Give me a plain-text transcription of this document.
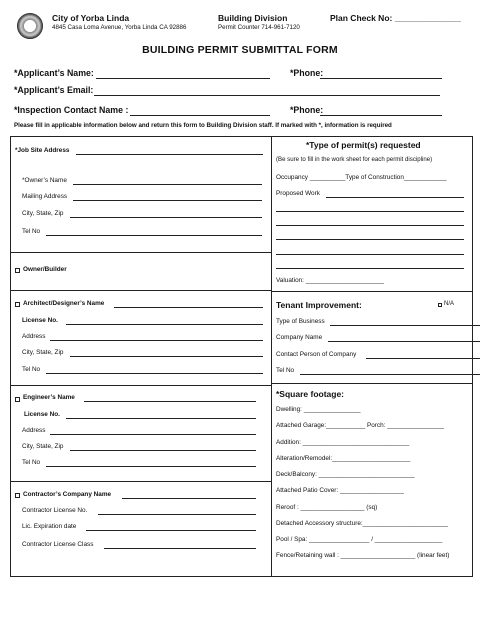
City of Yorba Linda
4845 Casa Loma Avenue, Yorba Linda CA 92886
Building Division
Permit Counter 714-961-7120
Plan Check No: ______________
BUILDING PERMIT SUBMITTAL FORM
*Applicant’s Name:	*Phone:
*Applicant’s Email:
*Inspection Contact Name :	*Phone:
Please fill in applicable information below and return this form to Building Division staff. If marked with *, information is required
*Job Site Address
*Owner’s Name
Mailing Address
City, State, Zip
Tel No
Owner/Builder
Architect/Designer’s Name
License No.
Address
City, State, Zip
Tel No
Engineer’s Name
License No.
Address
City, State, Zip
Tel No
Contractor’s Company Name
Contractor License No.
Lic. Expiration date
Contractor License Class
*Type of permit(s) requested
(Be sure to fill in the work sheet for each permit discipline)
Occupancy __________Type of Construction____________
Proposed Work
Valuation: ______________________
Tenant Improvement:	N/A
Type of Business
Company Name
Contact Person of Company
Tel No
*Square footage:
Dwelling: ________________
Attached Garage:___________ Porch: ________________
Addition: ______________________________
Alteration/Remodel:______________________
Deck/Balcony: ___________________________
Attached Patio Cover: __________________
Reroof : __________________ (sq)
Detached Accessory structure:________________________
Pool / Spa: _________________ / ___________________
Fence/Retaining wall : _____________________ (linear feet)
